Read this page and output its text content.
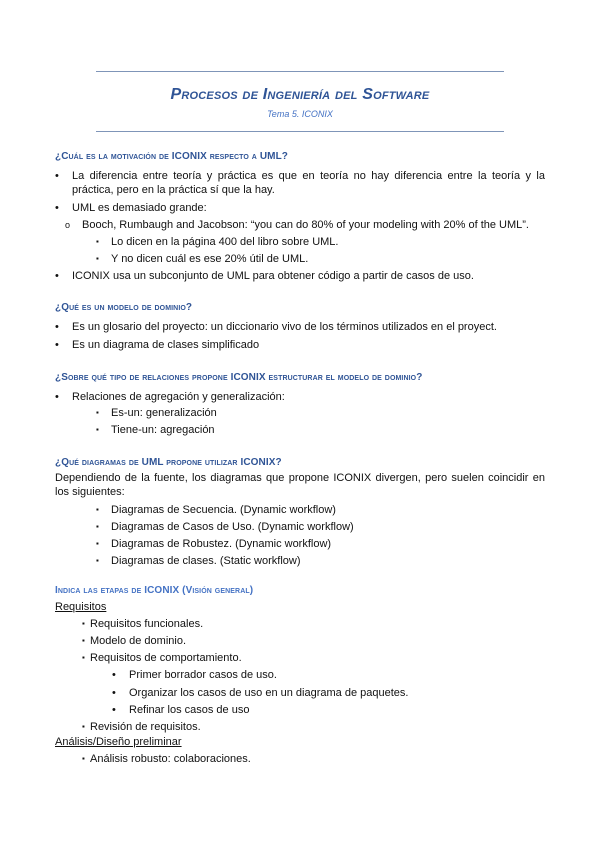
Procesos de Ingeniería del Software
Tema 5. ICONIX
¿Cuál es la motivación de ICONIX respecto a UML?
• La diferencia entre teoría y práctica es que en teoría no hay diferencia entre la teoría y la práctica, pero en la práctica sí que la hay.
• UML es demasiado grande:
o Booch, Rumbaugh and Jacobson: “you can do 80% of your modeling with 20% of the UML”.
▪ Lo dicen en la página 400 del libro sobre UML.
▪ Y no dicen cuál es ese 20% útil de UML.
• ICONIX usa un subconjunto de UML para obtener código a partir de casos de uso.
¿Qué es un modelo de dominio?
• Es un glosario del proyecto: un diccionario vivo de los términos utilizados en el proyect.
• Es un diagrama de clases simplificado
¿Sobre qué tipo de relaciones propone ICONIX estructurar el modelo de dominio?
• Relaciones de agregación y generalización:
▪ Es-un: generalización
▪ Tiene-un: agregación
¿Qué diagramas de UML propone utilizar ICONIX?
Dependiendo de la fuente, los diagramas que propone ICONIX divergen, pero suelen coincidir en los siguientes:
▪ Diagramas de Secuencia. (Dynamic workflow)
▪ Diagramas de Casos de Uso. (Dynamic workflow)
▪ Diagramas de Robustez. (Dynamic workflow)
▪ Diagramas de clases. (Static workflow)
Indica las etapas de ICONIX (Visión general)
Requisitos
▪ Requisitos funcionales.
▪ Modelo de dominio.
▪ Requisitos de comportamiento.
• Primer borrador casos de uso.
• Organizar los casos de uso en un diagrama de paquetes.
• Refinar los casos de uso
▪ Revisión de requisitos.
Análisis/Diseño preliminar
▪ Análisis robusto: colaboraciones.
